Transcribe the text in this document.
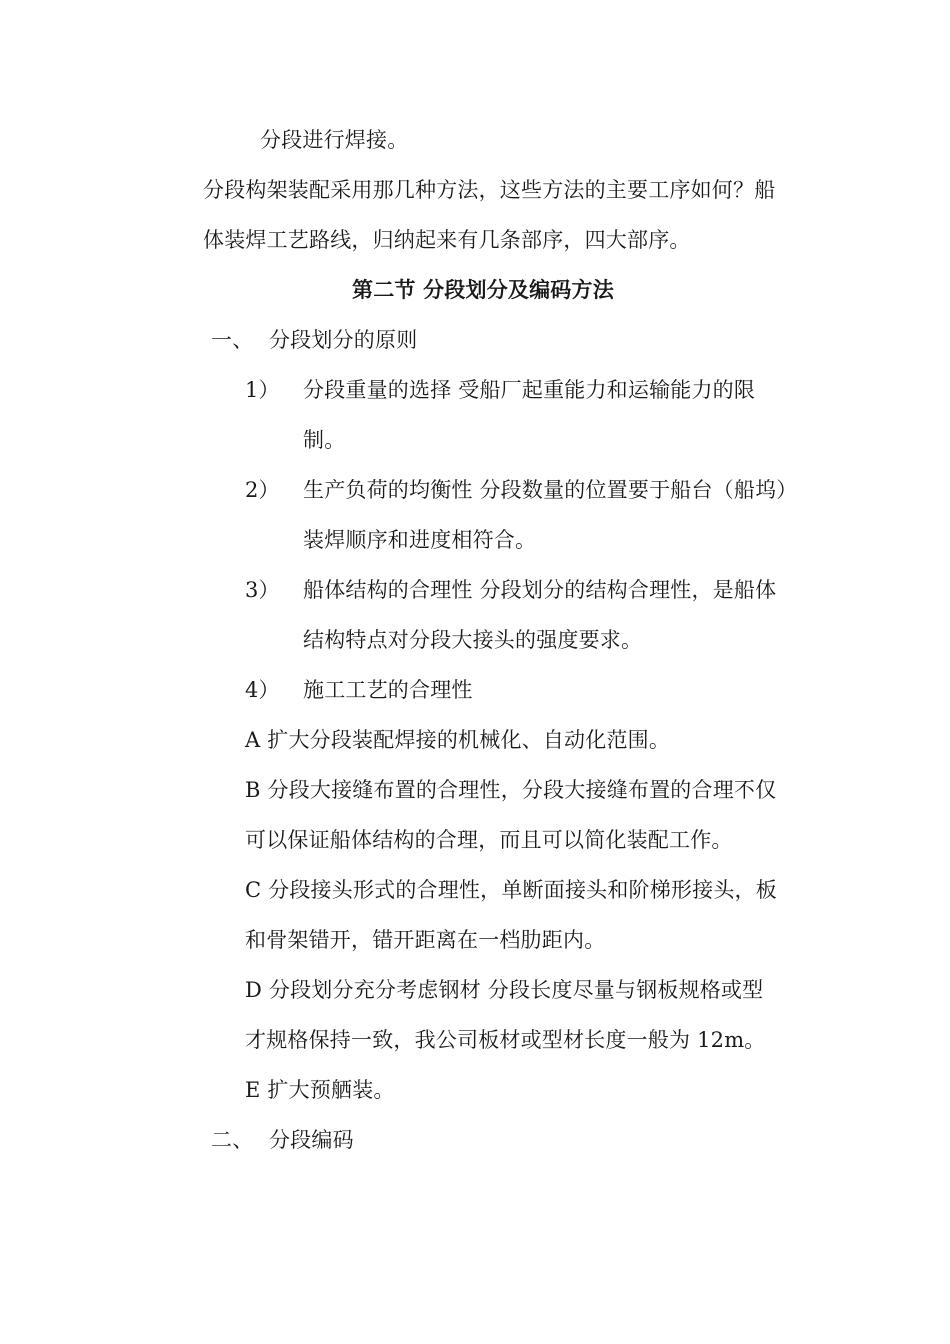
分段进行焊接。
分段构架装配采用那几种方法，这些方法的主要工序如何？船
体装焊工艺路线，归纳起来有几条部序，四大部序。
第二节 分段划分及编码方法
一、 分段划分的原则
1） 分段重量的选择 受船厂起重能力和运输能力的限
制。
2） 生产负荷的均衡性 分段数量的位置要于船台（船坞）
装焊顺序和进度相符合。
3） 船体结构的合理性 分段划分的结构合理性，是船体
结构特点对分段大接头的强度要求。
4） 施工工艺的合理性
A 扩大分段装配焊接的机械化、自动化范围。
B 分段大接缝布置的合理性，分段大接缝布置的合理不仅
可以保证船体结构的合理，而且可以简化装配工作。
C 分段接头形式的合理性，单断面接头和阶梯形接头，板
和骨架错开，错开距离在一档肋距内。
D 分段划分充分考虑钢材 分段长度尽量与钢板规格或型
才规格保持一致，我公司板材或型材长度一般为 12m。
E 扩大预舾装。
二、 分段编码
